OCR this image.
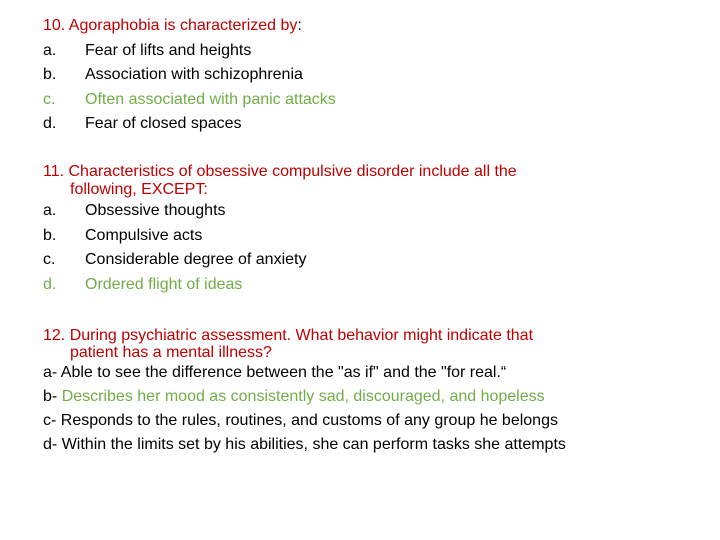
10. Agoraphobia is characterized by:
a. Fear of lifts and heights
b. Association with schizophrenia
c. Often associated with panic attacks
d. Fear of closed spaces
11. Characteristics of obsessive compulsive disorder include all the
following, EXCEPT:
a. Obsessive thoughts
b. Compulsive acts
c. Considerable degree of anxiety
d. Ordered flight of ideas
12. During psychiatric assessment. What behavior might indicate that
patient has a mental illness?
a- Able to see the difference between the "as if" and the "for real.“
b- Describes her mood as consistently sad, discouraged, and hopeless
c- Responds to the rules, routines, and customs of any group he belongs
d- Within the limits set by his abilities, she can perform tasks she attempts
